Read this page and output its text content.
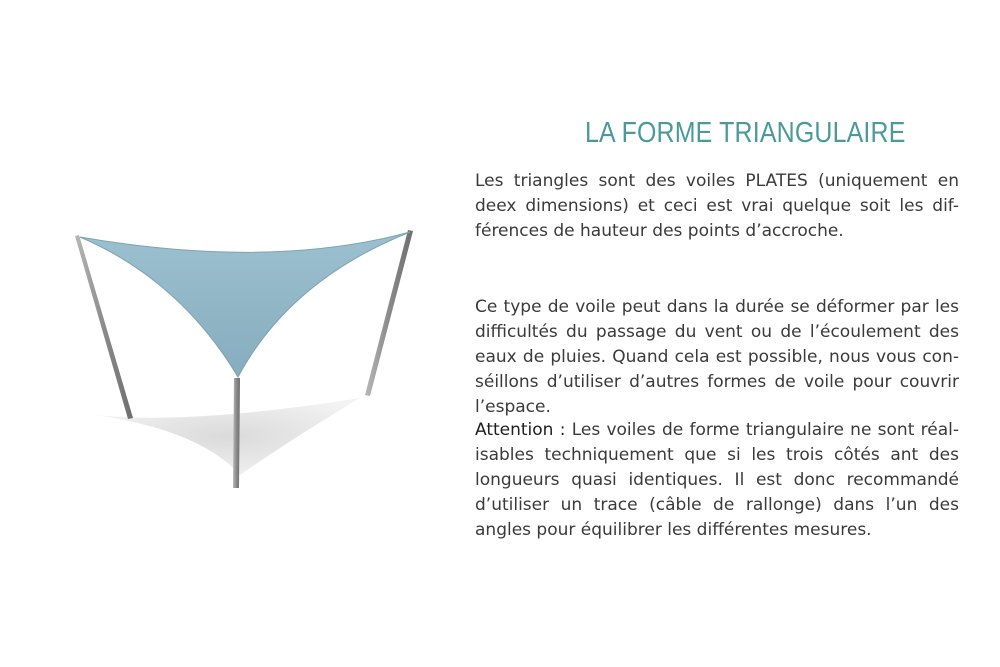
LA FORME TRIANGULAIRE

Les triangles sont des voiles PLATES (uniquement en deex dimensions) et ceci est vrai quelque soit les dif-férences de hauteur des points d’accroche.

Ce type de voile peut dans la durée se déformer par les difficultés du passage du vent ou de l’écoulement des eaux de pluies. Quand cela est possible, nous vous con-séillons d’utiliser d’autres formes de voile pour couvrir l’espace.

Attention : Les voiles de forme triangulaire ne sont réal-isables techniquement que si les trois côtés ant des longueurs quasi identiques. Il est donc recommandé d’utiliser un trace (câble de rallonge) dans l’un des angles pour équilibrer les différentes mesures.
